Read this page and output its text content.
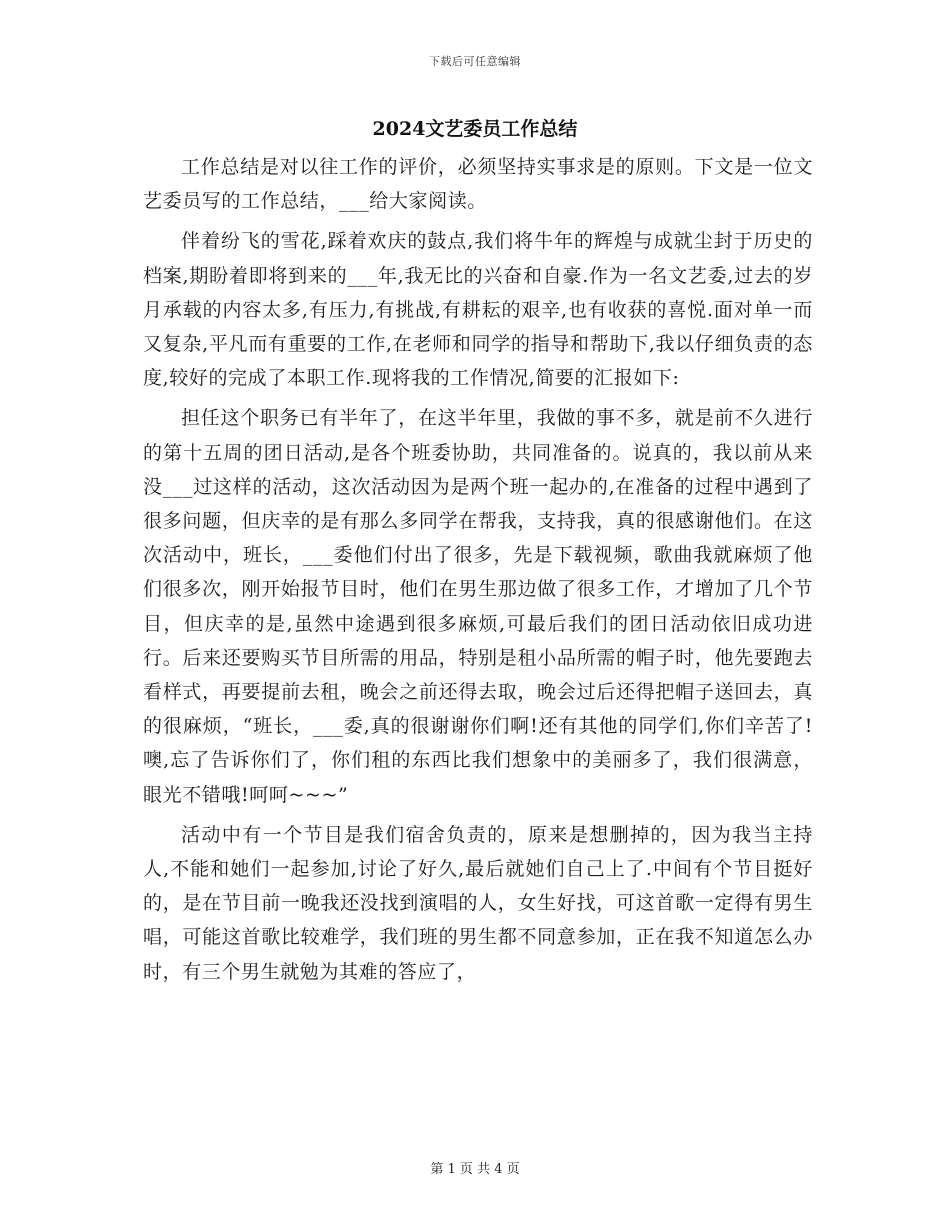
下载后可任意编辑
2024文艺委员工作总结

工作总结是对以往工作的评价，必须坚持实事求是的原则。下文是一位文艺委员写的工作总结，___给大家阅读。

伴着纷飞的雪花,踩着欢庆的鼓点,我们将牛年的辉煌与成就尘封于历史的档案,期盼着即将到来的___年,我无比的兴奋和自豪.作为一名文艺委,过去的岁月承载的内容太多,有压力,有挑战,有耕耘的艰辛,也有收获的喜悦.面对单一而又复杂,平凡而有重要的工作,在老师和同学的指导和帮助下,我以仔细负责的态度,较好的完成了本职工作.现将我的工作情况,简要的汇报如下:

担任这个职务已有半年了，在这半年里，我做的事不多，就是前不久进行的第十五周的团日活动,是各个班委协助，共同准备的。说真的，我以前从来没___过这样的活动，这次活动因为是两个班一起办的,在准备的过程中遇到了很多问题，但庆幸的是有那么多同学在帮我，支持我，真的很感谢他们。在这次活动中，班长，___委他们付出了很多，先是下载视频，歌曲我就麻烦了他们很多次，刚开始报节目时，他们在男生那边做了很多工作，才增加了几个节目，但庆幸的是,虽然中途遇到很多麻烦,可最后我们的团日活动依旧成功进行。后来还要购买节目所需的用品，特别是租小品所需的帽子时，他先要跑去看样式，再要提前去租，晚会之前还得去取，晚会过后还得把帽子送回去，真的很麻烦，“班长，___委,真的很谢谢你们啊!还有其他的同学们,你们辛苦了!噢,忘了告诉你们了，你们租的东西比我们想象中的美丽多了，我们很满意，眼光不错哦!呵呵~~~”

活动中有一个节目是我们宿舍负责的，原来是想删掉的，因为我当主持人,不能和她们一起参加,讨论了好久,最后就她们自己上了.中间有个节目挺好的，是在节目前一晚我还没找到演唱的人，女生好找，可这首歌一定得有男生唱，可能这首歌比较难学，我们班的男生都不同意参加，正在我不知道怎么办时，有三个男生就勉为其难的答应了，

第 1 页 共 4 页
